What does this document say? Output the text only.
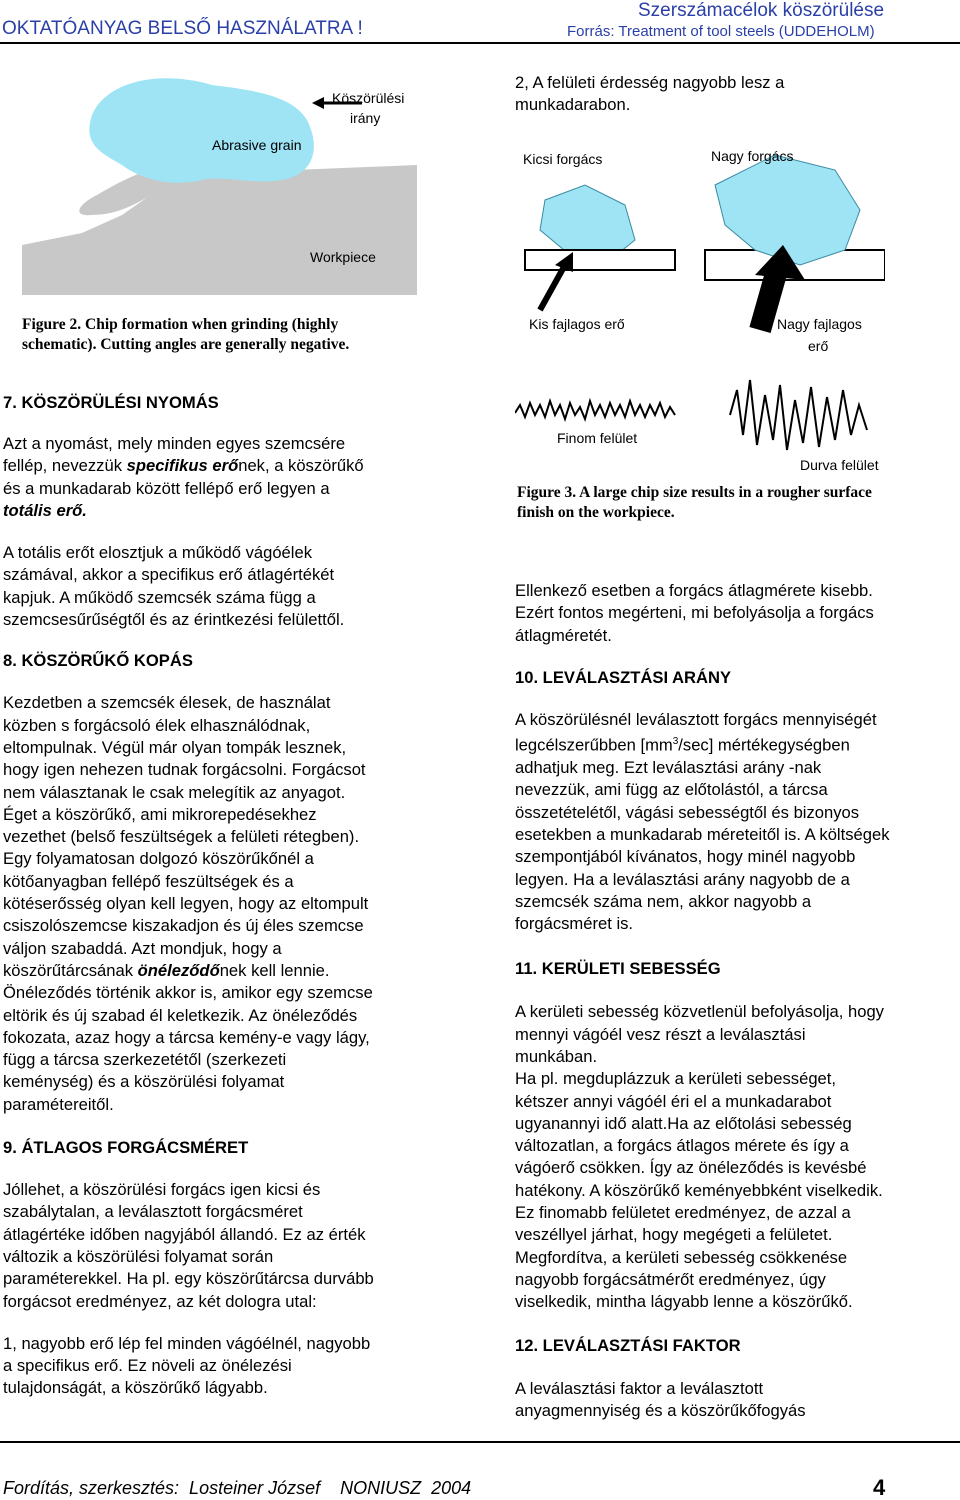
OKTATÓANYAG BELSŐ HASZNÁLATRA !
Szerszámacélok köszörülése
Forrás: Treatment of tool steels (UDDEHOLM)
Köszörülési
irány
Abrasive grain
Workpiece
Figure 2. Chip formation when grinding (highly
schematic). Cutting angles are generally negative.
2, A felületi érdesség nagyobb lesz a
munkadarabon.
Kicsi forgács	Nagy forgács
Kis fajlagos erő	Nagy fajlagos
erő
Finom felület
Durva felület
Figure 3. A large chip size results in a rougher surface
finish on the workpiece.
7. KÖSZÖRÜLÉSI NYOMÁS
Azt a nyomást, mely minden egyes szemcsére
fellép, nevezzük specifikus erőnek, a köszörűkő
és a munkadarab között fellépő erő legyen a
totális erő.
A totális erőt elosztjuk a működő vágóélek
számával, akkor a specifikus erő átlagértékét
kapjuk. A működő szemcsék száma függ a
szemcsesűrűségtől és az érintkezési felülettől.
8. KÖSZÖRŰKŐ KOPÁS
Kezdetben a szemcsék élesek, de használat
közben s forgácsoló élek elhasználódnak,
eltompulnak. Végül már olyan tompák lesznek,
hogy igen nehezen tudnak forgácsolni. Forgácsot
nem választanak le csak melegítik az anyagot.
Éget a köszörűkő, ami mikrorepedésekhez
vezethet (belső feszültségek a felületi rétegben).
Egy folyamatosan dolgozó köszörűkőnél a
kötőanyagban fellépő feszültségek és a
kötéserősség olyan kell legyen, hogy az eltompult
csiszolószemcse kiszakadjon és új éles szemcse
váljon szabaddá. Azt mondjuk, hogy a
köszörűtárcsának önéleződőnek kell lennie.
Önéleződés történik akkor is, amikor egy szemcse
eltörik és új szabad él keletkezik. Az önéleződés
fokozata, azaz hogy a tárcsa kemény-e vagy lágy,
függ a tárcsa szerkezetétől (szerkezeti
keménység) és a köszörülési folyamat
paramétereitől.
9. ÁTLAGOS FORGÁCSMÉRET
Jóllehet, a köszörülési forgács igen kicsi és
szabálytalan, a leválasztott forgácsméret
átlagértéke időben nagyjából állandó. Ez az érték
változik a köszörülési folyamat során
paraméterekkel. Ha pl. egy köszörűtárcsa durvább
forgácsot eredményez, az két dologra utal:
1, nagyobb erő lép fel minden vágóélnél, nagyobb
a specifikus erő. Ez növeli az önélezési
tulajdonságát, a köszörűkő lágyabb.
Ellenkező esetben a forgács átlagmérete kisebb.
Ezért fontos megérteni, mi befolyásolja a forgács
átlagméretét.
10. LEVÁLASZTÁSI ARÁNY
A köszörülésnél leválasztott forgács mennyiségét
legcélszerűbben $[mm^3/\sec]$ mértékegységben
adhatjuk meg. Ezt leválasztási arány -nak
nevezzük, ami függ az előtolástól, a tárcsa
összetételétől, vágási sebességtől és bizonyos
esetekben a munkadarab méreteitől is. A költségek
szempontjából kívánatos, hogy minél nagyobb
legyen. Ha a leválasztási arány nagyobb de a
szemcsék száma nem, akkor nagyobb a
forgácsméret is.
11. KERÜLETI SEBESSÉG
A kerületi sebesség közvetlenül befolyásolja, hogy
mennyi vágóél vesz részt a leválasztási
munkában.
Ha pl. megduplázzuk a kerületi sebességet,
kétszer annyi vágóél éri el a munkadarabot
ugyanannyi idő alatt.Ha az előtolási sebesség
változatlan, a forgács átlagos mérete és így a
vágóerő csökken. Így az önéleződés is kevésbé
hatékony. A köszörűkő keményebbként viselkedik.
Ez finomabb felületet eredményez, de azzal a
veszéllyel járhat, hogy megégeti a felületet.
Megfordítva, a kerületi sebesség csökkenése
nagyobb forgácsátmérőt eredményez, úgy
viselkedik, mintha lágyabb lenne a köszörűkő.
12. LEVÁLASZTÁSI FAKTOR
A leválasztási faktor a leválasztott
anyagmennyiség és a köszörűkőfogyás
Fordítás, szerkesztés:  Losteiner József    NONIUSZ  2004	4
